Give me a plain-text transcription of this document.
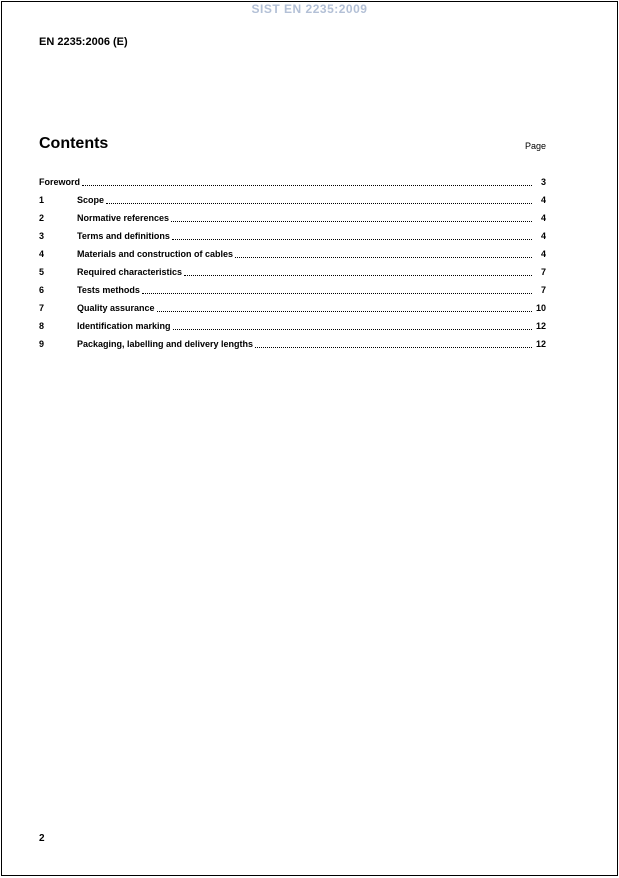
SIST EN 2235:2009
EN 2235:2006 (E)
Contents	Page
Foreword	3
1	Scope	4
2	Normative references	4
3	Terms and definitions	4
4	Materials and construction of cables	4
5	Required characteristics	7
6	Tests methods	7
7	Quality assurance	10
8	Identification marking	12
9	Packaging, labelling and delivery lengths	12
2
